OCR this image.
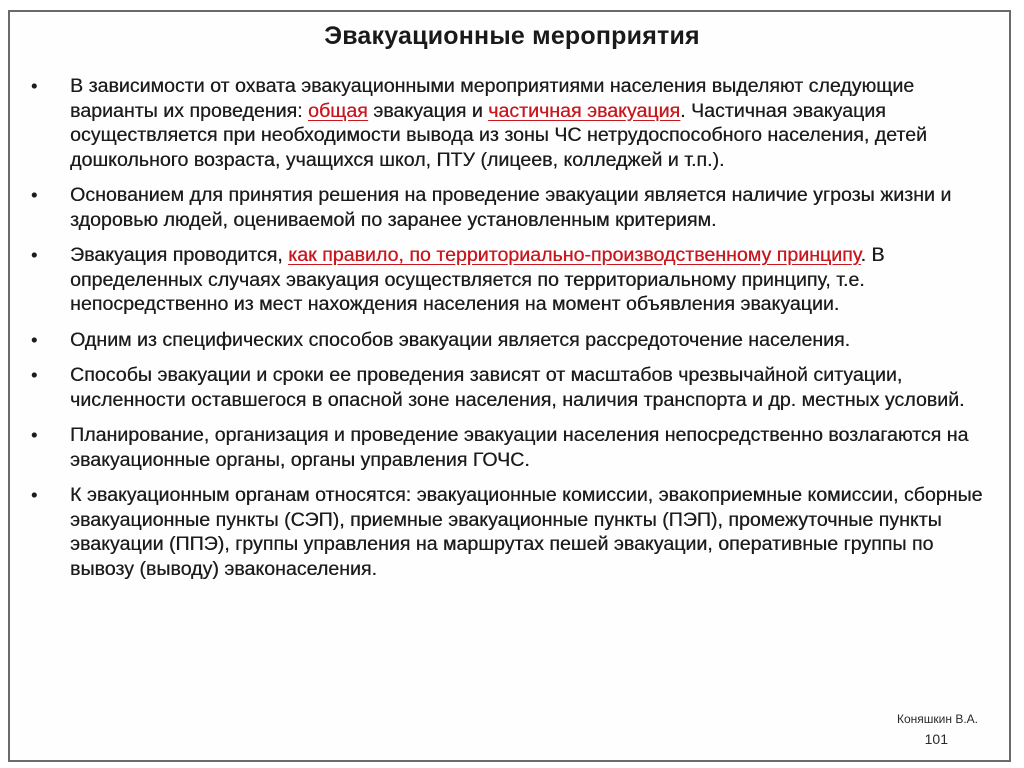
Эвакуационные мероприятия
• В зависимости от охвата эвакуационными мероприятиями населения выделяют следующие варианты их проведения: общая эвакуация и частичная эвакуация. Частичная эвакуация осуществляется при необходимости вывода из зоны ЧС нетрудоспособного населения, детей дошкольного возраста, учащихся школ, ПТУ (лицеев, колледжей и т.п.).
• Основанием для принятия решения на проведение эвакуации является наличие угрозы жизни и здоровью людей, оцениваемой по заранее установленным критериям.
• Эвакуация проводится, как правило, по территориально-производственному принципу. В определенных случаях эвакуация осуществляется по территориальному принципу, т.е. непосредственно из мест нахождения населения на момент объявления эвакуации.
• Одним из специфических способов эвакуации является рассредоточение населения.
• Способы эвакуации и сроки ее проведения зависят от масштабов чрезвычайной ситуации, численности оставшегося в опасной зоне населения, наличия транспорта и др. местных условий.
• Планирование, организация и проведение эвакуации населения непосредственно возлагаются на эвакуационные органы, органы управления ГОЧС.
• К эвакуационным органам относятся: эвакуационные комиссии, эвакоприемные комиссии, сборные эвакуационные пункты (СЭП), приемные эвакуационные пункты (ПЭП), промежуточные пункты эвакуации (ППЭ), группы управления на маршрутах пешей эвакуации, оперативные группы по вывозу (выводу) эваконаселения.
Коняшкин В.А.
101
